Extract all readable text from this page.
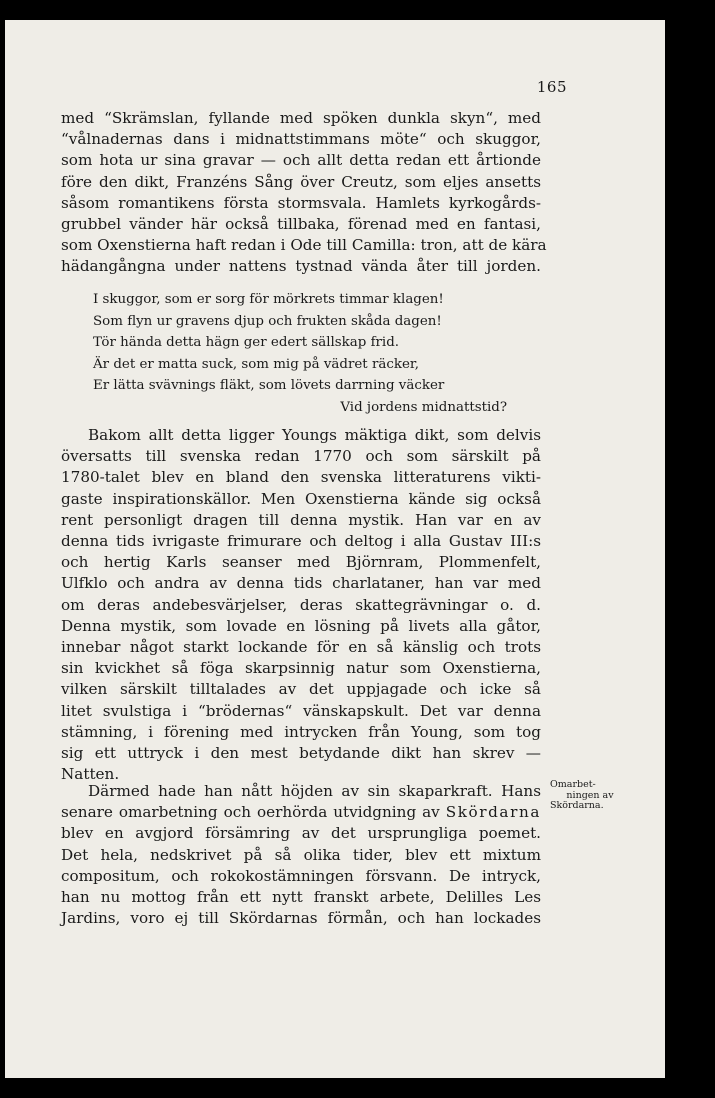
165
med “Skrämslan, fyllande med spöken dunkla skyn“, med
“vålnadernas dans i midnattstimmans möte“ och skuggor,
som hota ur sina gravar — och allt detta redan ett årtionde
före den dikt, Franzéns Sång över Creutz, som eljes ansetts
såsom romantikens första stormsvala. Hamlets kyrkogårds-
grubbel vänder här också tillbaka, förenad med en fantasi,
som Oxenstierna haft redan i Ode till Camilla: tron, att de kära
hädangångna under nattens tystnad vända åter till jorden.
I skuggor, som er sorg för mörkrets timmar klagen!
Som flyn ur gravens djup och frukten skåda dagen!
Tör hända detta hägn ger edert sällskap frid.
Är det er matta suck, som mig på vädret räcker,
Er lätta svävnings fläkt, som lövets darrning väcker
Vid jordens midnattstid?
Bakom allt detta ligger Youngs mäktiga dikt, som delvis
översatts till svenska redan 1770 och som särskilt på
1780-talet blev en bland den svenska litteraturens vikti-
gaste inspirationskällor. Men Oxenstierna kände sig också
rent personligt dragen till denna mystik. Han var en av
denna tids ivrigaste frimurare och deltog i alla Gustav III:s
och hertig Karls seanser med Björnram, Plommenfelt,
Ulfklo och andra av denna tids charlataner, han var med
om deras andebesvärjelser, deras skattegrävningar o. d.
Denna mystik, som lovade en lösning på livets alla gåtor,
innebar något starkt lockande för en så känslig och trots
sin kvickhet så föga skarpsinnig natur som Oxenstierna,
vilken särskilt tilltalades av det uppjagade och icke så
litet svulstiga i “brödernas“ vänskapskult. Det var denna
stämning, i förening med intrycken från Young, som tog
sig ett uttryck i den mest betydande dikt han skrev —
Natten.
Därmed hade han nått höjden av sin skaparkraft. Hans
senare omarbetning och oerhörda utvidgning av Skördarna
blev en avgjord försämring av det ursprungliga poemet.
Det hela, nedskrivet på så olika tider, blev ett mixtum
compositum, och rokokostämningen försvann. De intryck,
han nu mottog från ett nytt franskt arbete, Delilles Les
Jardins, voro ej till Skördarnas förmån, och han lockades
Omarbet-
ningen av
Skördarna.
